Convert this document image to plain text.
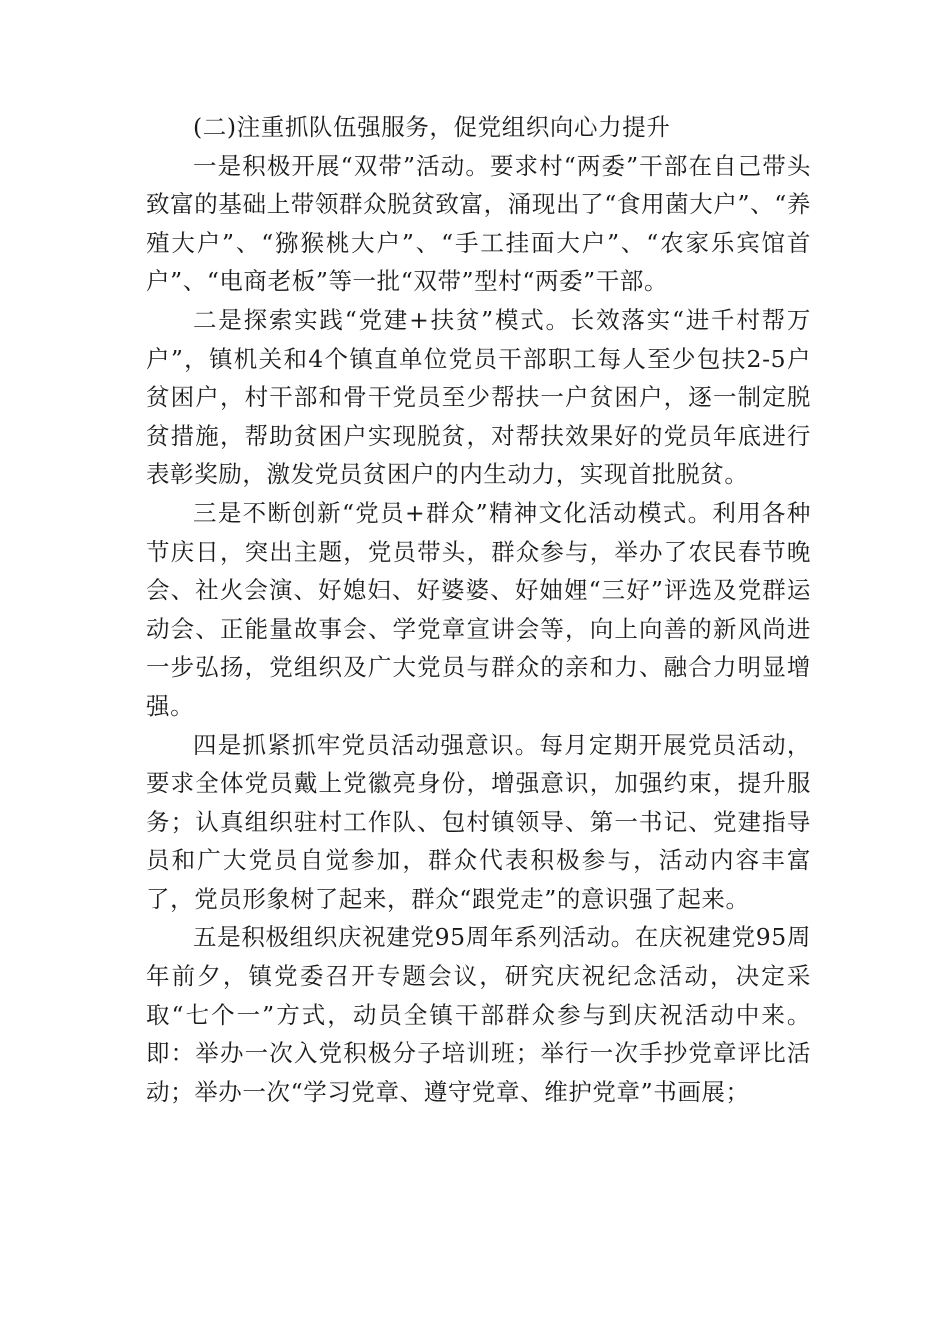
(二)注重抓队伍强服务，促党组织向心力提升

一是积极开展“双带”活动。要求村“两委”干部在自己带头致富的基础上带领群众脱贫致富，涌现出了“食用菌大户”、“养殖大户”、“猕猴桃大户”、“手工挂面大户”、“农家乐宾馆首户”、“电商老板”等一批“双带”型村“两委”干部。

二是探索实践“党建+扶贫”模式。长效落实“进千村帮万户”，镇机关和4个镇直单位党员干部职工每人至少包扶2-5户贫困户，村干部和骨干党员至少帮扶一户贫困户，逐一制定脱贫措施，帮助贫困户实现脱贫，对帮扶效果好的党员年底进行表彰奖励，激发党员贫困户的内生动力，实现首批脱贫。

三是不断创新“党员+群众”精神文化活动模式。利用各种节庆日，突出主题，党员带头，群众参与，举办了农民春节晚会、社火会演、好媳妇、好婆婆、好妯娌“三好”评选及党群运动会、正能量故事会、学党章宣讲会等，向上向善的新风尚进一步弘扬，党组织及广大党员与群众的亲和力、融合力明显增强。

四是抓紧抓牢党员活动强意识。每月定期开展党员活动，要求全体党员戴上党徽亮身份，增强意识，加强约束，提升服务；认真组织驻村工作队、包村镇领导、第一书记、党建指导员和广大党员自觉参加，群众代表积极参与，活动内容丰富了，党员形象树了起来，群众“跟党走”的意识强了起来。

五是积极组织庆祝建党95周年系列活动。在庆祝建党95周年前夕，镇党委召开专题会议，研究庆祝纪念活动，决定采取“七个一”方式，动员全镇干部群众参与到庆祝活动中来。即：举办一次入党积极分子培训班；举行一次手抄党章评比活动；举办一次“学习党章、遵守党章、维护党章”书画展；
